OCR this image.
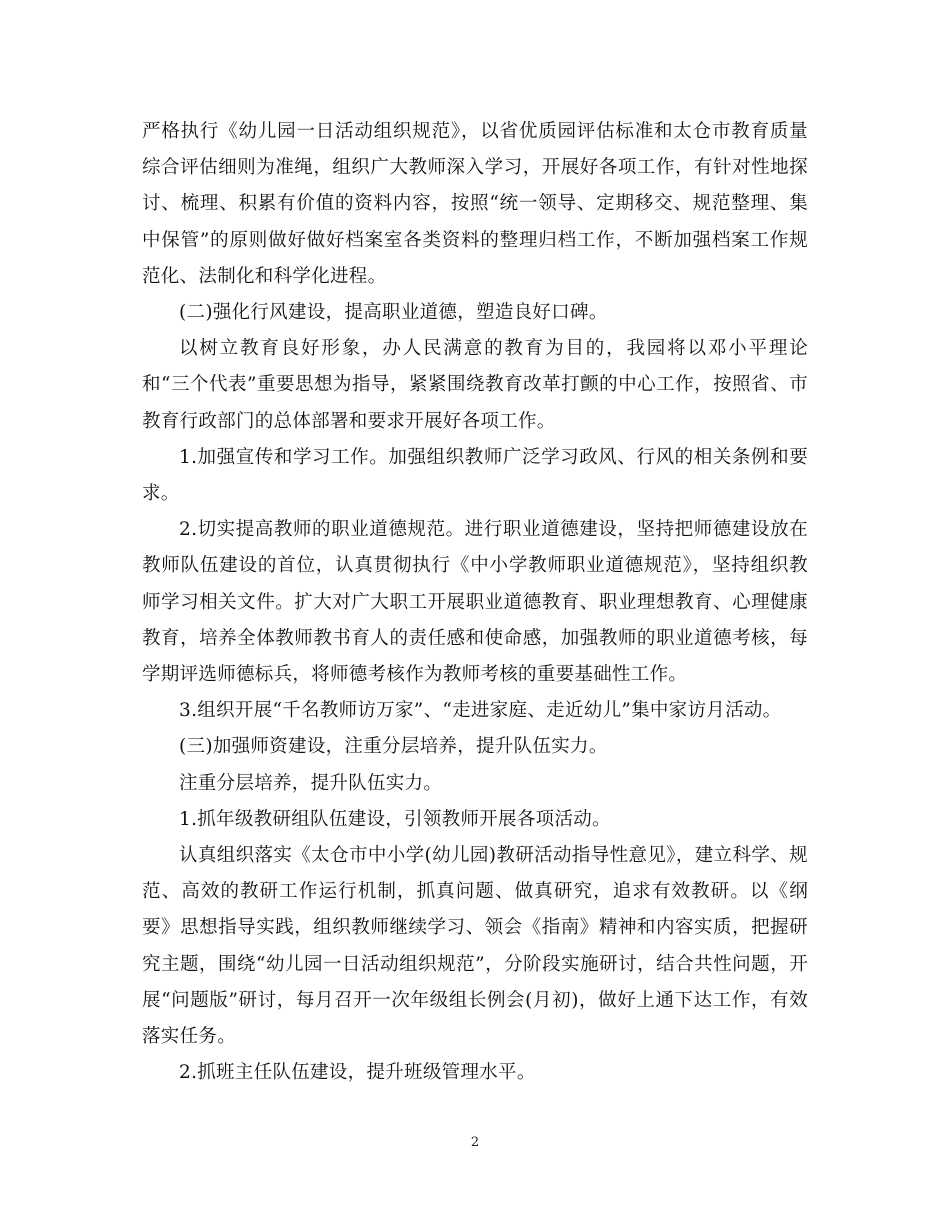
严格执行《幼儿园一日活动组织规范》，以省优质园评估标准和太仓市教育质量综合评估细则为准绳，组织广大教师深入学习，开展好各项工作，有针对性地探讨、梳理、积累有价值的资料内容，按照“统一领导、定期移交、规范整理、集中保管”的原则做好做好档案室各类资料的整理归档工作，不断加强档案工作规范化、法制化和科学化进程。

(二)强化行风建设，提高职业道德，塑造良好口碑。

以树立教育良好形象，办人民满意的教育为目的，我园将以邓小平理论和“三个代表”重要思想为指导，紧紧围绕教育改革打颤的中心工作，按照省、市教育行政部门的总体部署和要求开展好各项工作。

1.加强宣传和学习工作。加强组织教师广泛学习政风、行风的相关条例和要求。

2.切实提高教师的职业道德规范。进行职业道德建设，坚持把师德建设放在教师队伍建设的首位，认真贯彻执行《中小学教师职业道德规范》，坚持组织教师学习相关文件。扩大对广大职工开展职业道德教育、职业理想教育、心理健康教育，培养全体教师教书育人的责任感和使命感，加强教师的职业道德考核，每学期评选师德标兵，将师德考核作为教师考核的重要基础性工作。

3.组织开展“千名教师访万家”、“走进家庭、走近幼儿”集中家访月活动。

(三)加强师资建设，注重分层培养，提升队伍实力。

注重分层培养，提升队伍实力。

1.抓年级教研组队伍建设，引领教师开展各项活动。

认真组织落实《太仓市中小学(幼儿园)教研活动指导性意见》，建立科学、规范、高效的教研工作运行机制，抓真问题、做真研究，追求有效教研。以《纲要》思想指导实践，组织教师继续学习、领会《指南》精神和内容实质，把握研究主题，围绕“幼儿园一日活动组织规范”，分阶段实施研讨，结合共性问题，开展“问题版”研讨，每月召开一次年级组长例会(月初)，做好上通下达工作，有效落实任务。

2.抓班主任队伍建设，提升班级管理水平。

2
